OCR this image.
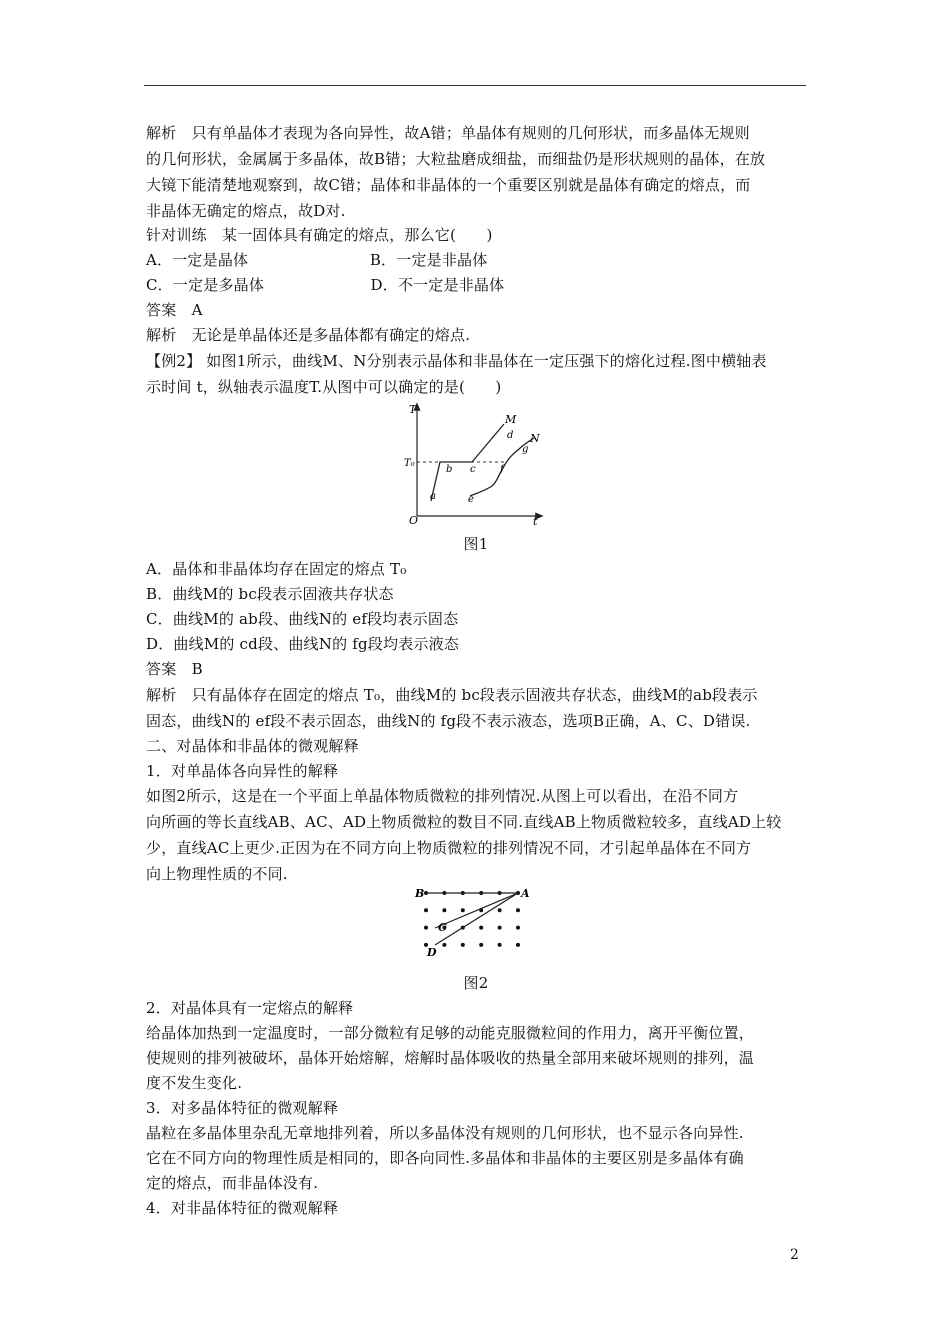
解析　只有单晶体才表现为各向异性，故A错；单晶体有规则的几何形状，而多晶体无规则
的几何形状，金属属于多晶体，故B错；大粒盐磨成细盐，而细盐仍是形状规则的晶体，在放
大镜下能清楚地观察到，故C错；晶体和非晶体的一个重要区别就是晶体有确定的熔点，而
非晶体无确定的熔点，故D对.
针对训练　某一固体具有确定的熔点，那么它(　　)
A．一定是晶体　　　　　　　　B．一定是非晶体
C．一定是多晶体　　　　　　　D．不一定是非晶体
答案　A
解析　无论是单晶体还是多晶体都有确定的熔点.
【例2】 如图1所示，曲线M、N分别表示晶体和非晶体在一定压强下的熔化过程.图中横轴表
示时间 t，纵轴表示温度T.从图中可以确定的是(　　)
T
T₀
O	t
M
N
a
b c
d
e
f
g
图1
A．晶体和非晶体均存在固定的熔点 T₀
B．曲线M的 bc段表示固液共存状态
C．曲线M的 ab段、曲线N的 ef段均表示固态
D．曲线M的 cd段、曲线N的 fg段均表示液态
答案　B
解析　只有晶体存在固定的熔点 T₀，曲线M的 bc段表示固液共存状态，曲线M的ab段表示
固态，曲线N的 ef段不表示固态，曲线N的 fg段不表示液态，选项B正确，A、C、D错误.
二、对晶体和非晶体的微观解释
1．对单晶体各向异性的解释
如图2所示，这是在一个平面上单晶体物质微粒的排列情况.从图上可以看出，在沿不同方
向所画的等长直线AB、AC、AD上物质微粒的数目不同.直线AB上物质微粒较多，直线AD上较
少，直线AC上更少.正因为在不同方向上物质微粒的排列情况不同，才引起单晶体在不同方
向上物理性质的不同.
B	A
C
D
图2
2．对晶体具有一定熔点的解释
给晶体加热到一定温度时，一部分微粒有足够的动能克服微粒间的作用力，离开平衡位置，
使规则的排列被破坏，晶体开始熔解，熔解时晶体吸收的热量全部用来破坏规则的排列，温
度不发生变化.
3．对多晶体特征的微观解释
晶粒在多晶体里杂乱无章地排列着，所以多晶体没有规则的几何形状，也不显示各向异性.
它在不同方向的物理性质是相同的，即各向同性.多晶体和非晶体的主要区别是多晶体有确
定的熔点，而非晶体没有.
4．对非晶体特征的微观解释
2
